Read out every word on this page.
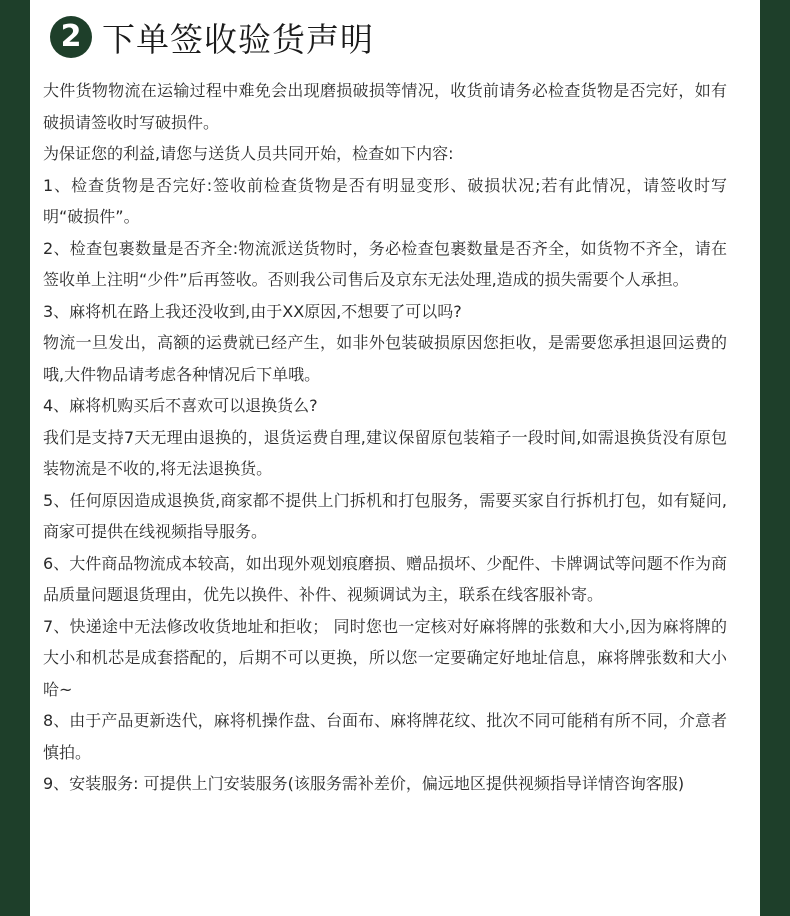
2 下单签收验货声明

大件货物物流在运输过程中难免会出现磨损破损等情况，收货前请务必检查货物是否完好，如有破损请签收时写破损件。

为保证您的利益,请您与送货人员共同开始，检查如下内容:

1、检查货物是否完好:签收前检查货物是否有明显变形、破损状况;若有此情况，请签收时写明“破损件”。

2、检查包裹数量是否齐全:物流派送货物时，务必检查包裹数量是否齐全，如货物不齐全，请在签收单上注明“少件”后再签收。否则我公司售后及京东无法处理,造成的损失需要个人承担。

3、麻将机在路上我还没收到,由于XX原因,不想要了可以吗?

物流一旦发出，高额的运费就已经产生，如非外包装破损原因您拒收，是需要您承担退回运费的哦,大件物品请考虑各种情况后下单哦。

4、麻将机购买后不喜欢可以退换货么?

我们是支持7天无理由退换的，退货运费自理,建议保留原包装箱子一段时间,如需退换货没有原包装物流是不收的,将无法退换货。

5、任何原因造成退换货,商家都不提供上门拆机和打包服务，需要买家自行拆机打包，如有疑问,商家可提供在线视频指导服务。

6、大件商品物流成本较高，如出现外观划痕磨损、赠品损坏、少配件、卡牌调试等问题不作为商品质量问题退货理由，优先以换件、补件、视频调试为主，联系在线客服补寄。

7、快递途中无法修改收货地址和拒收； 同时您也一定核对好麻将牌的张数和大小,因为麻将牌的大小和机芯是成套搭配的，后期不可以更换，所以您一定要确定好地址信息，麻将牌张数和大小哈~

8、由于产品更新迭代，麻将机操作盘、台面布、麻将牌花纹、批次不同可能稍有所不同，介意者慎拍。

9、安装服务: 可提供上门安装服务(该服务需补差价，偏远地区提供视频指导详情咨询客服)
